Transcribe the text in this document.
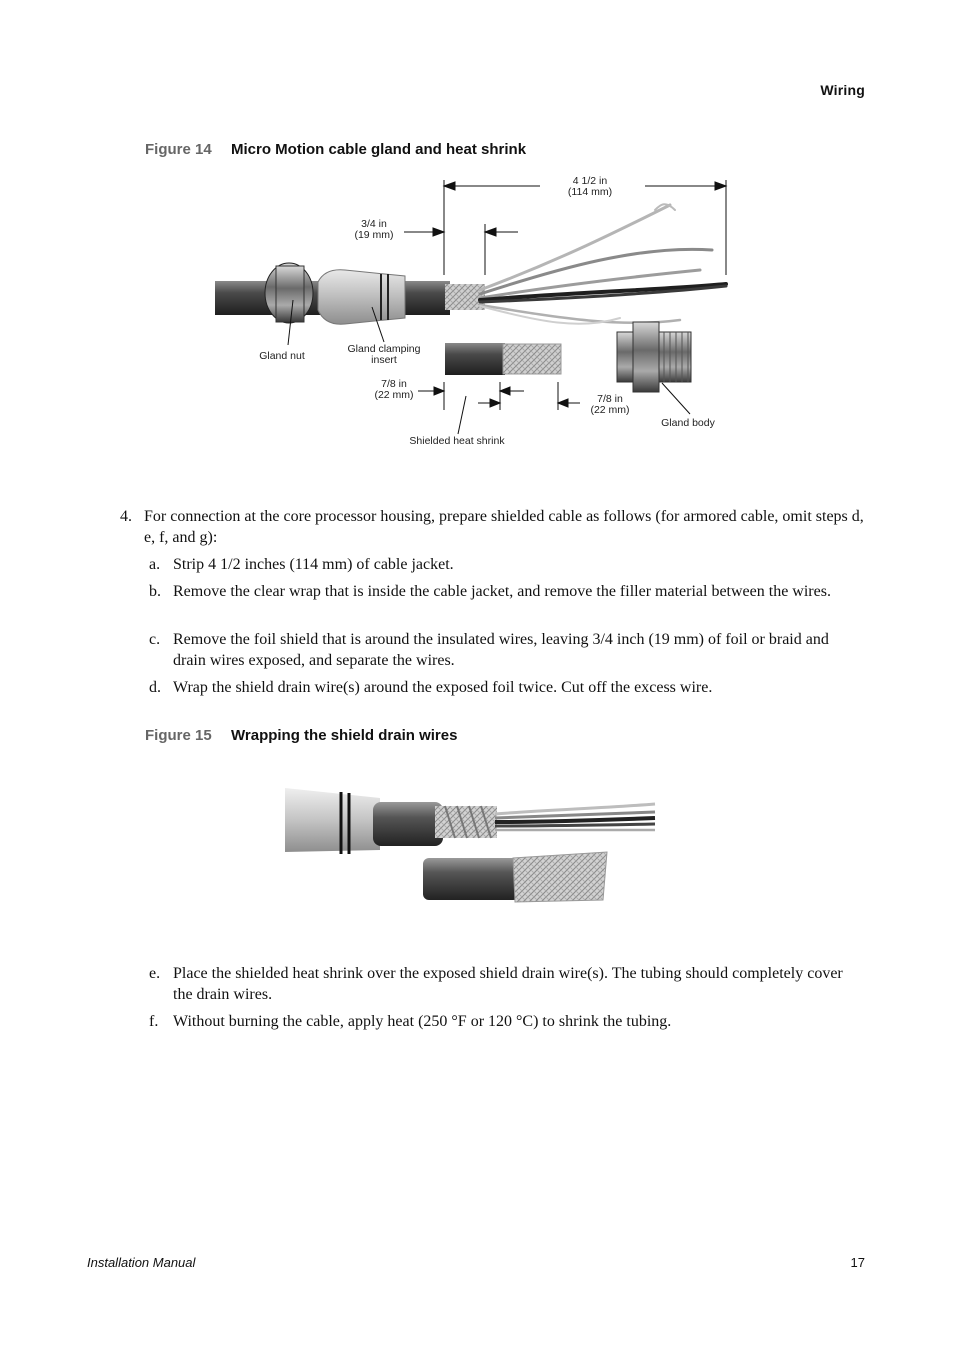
Wiring
Figure 14 Micro Motion cable gland and heat shrink
4 1/2 in
(114 mm)
3/4 in
(19 mm)
Gland nut
Gland clamping
insert
7/8 in
(22 mm)	7/8 in
(22 mm)
Gland body
Shielded heat shrink
4. For connection at the core processor housing, prepare shielded cable as follows (for armored cable, omit steps d, e, f, and g):
a. Strip 4 1/2 inches (114 mm) of cable jacket.
b. Remove the clear wrap that is inside the cable jacket, and remove the filler material between the wires.
c. Remove the foil shield that is around the insulated wires, leaving 3/4 inch (19 mm) of foil or braid and drain wires exposed, and separate the wires.
d. Wrap the shield drain wire(s) around the exposed foil twice. Cut off the excess wire.
Figure 15 Wrapping the shield drain wires
e. Place the shielded heat shrink over the exposed shield drain wire(s). The tubing should completely cover the drain wires.
f. Without burning the cable, apply heat (250 °F or 120 °C) to shrink the tubing.
Installation Manual	17
